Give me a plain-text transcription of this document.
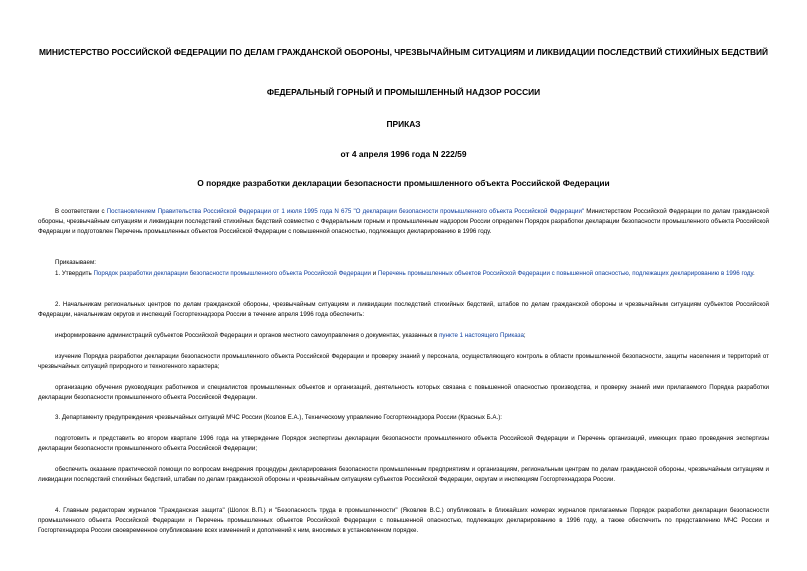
МИНИСТЕРСТВО РОССИЙСКОЙ ФЕДЕРАЦИИ ПО ДЕЛАМ ГРАЖДАНСКОЙ ОБОРОНЫ, ЧРЕЗВЫЧАЙНЫМ СИТУАЦИЯМ И ЛИКВИДАЦИИ ПОСЛЕДСТВИЙ СТИХИЙНЫХ БЕДСТВИЙ
ФЕДЕРАЛЬНЫЙ ГОРНЫЙ И ПРОМЫШЛЕННЫЙ НАДЗОР РОССИИ
ПРИКАЗ
от 4 апреля 1996 года N 222/59
О порядке разработки декларации безопасности промышленного объекта Российской Федерации
В соответствии с Постановлением Правительства Российской Федерации от 1 июля 1995 года N 675 "О декларации безопасности промышленного объекта Российской Федерации" Министерством Российской Федерации по делам гражданской обороны, чрезвычайным ситуациям и ликвидации последствий стихийных бедствий совместно с Федеральным горным и промышленным надзором России определен Порядок разработки декларации безопасности промышленного объекта Российской Федерации и подготовлен Перечень промышленных объектов Российской Федерации с повышенной опасностью, подлежащих декларированию в 1996 году.
Приказываем:
1. Утвердить Порядок разработки декларации безопасности промышленного объекта Российской Федерации и Перечень промышленных объектов Российской Федерации с повышенной опасностью, подлежащих декларированию в 1996 году.
2. Начальникам региональных центров по делам гражданской обороны, чрезвычайным ситуациям и ликвидации последствий стихийных бедствий, штабов по делам гражданской обороны и чрезвычайным ситуациям субъектов Российской Федерации, начальникам округов и инспекций Госгортехнадзора России в течение апреля 1996 года обеспечить:
информирование администраций субъектов Российской Федерации и органов местного самоуправления о документах, указанных в пункте 1 настоящего Приказа;
изучение Порядка разработки декларации безопасности промышленного объекта Российской Федерации и проверку знаний у персонала, осуществляющего контроль в области промышленной безопасности, защиты населения и территорий от чрезвычайных ситуаций природного и техногенного характера;
организацию обучения руководящих работников и специалистов промышленных объектов и организаций, деятельность которых связана с повышенной опасностью производства, и проверку знаний ими прилагаемого Порядка разработки декларации безопасности промышленного объекта Российской Федерации.
3. Департаменту предупреждения чрезвычайных ситуаций МЧС России (Козлов Е.А.), Техническому управлению Госгортехнадзора России (Красных Б.А.):
подготовить и представить во втором квартале 1996 года на утверждение Порядок экспертизы декларации безопасности промышленного объекта Российской Федерации и Перечень организаций, имеющих право проведения экспертизы декларации безопасности промышленного объекта Российской Федерации;
обеспечить оказание практической помощи по вопросам внедрения процедуры декларирования безопасности промышленным предприятиям и организациям, региональным центрам по делам гражданской обороны, чрезвычайным ситуациям и ликвидации последствий стихийных бедствий, штабам по делам гражданской обороны и чрезвычайным ситуациям субъектов Российской Федерации, округам и инспекциям Госгортехнадзора России.
4. Главным редакторам журналов "Гражданская защита" (Шолох В.П.) и "Безопасность труда в промышленности" (Яковлев В.С.) опубликовать в ближайших номерах журналов прилагаемые Порядок разработки декларации безопасности промышленного объекта Российской Федерации и Перечень промышленных объектов Российской Федерации с повышенной опасностью, подлежащих декларированию в 1996 году, а также обеспечить по представлению МЧС России и Госгортехнадзора России своевременное опубликование всех изменений и дополнений к ним, вносимых в установленном порядке.
